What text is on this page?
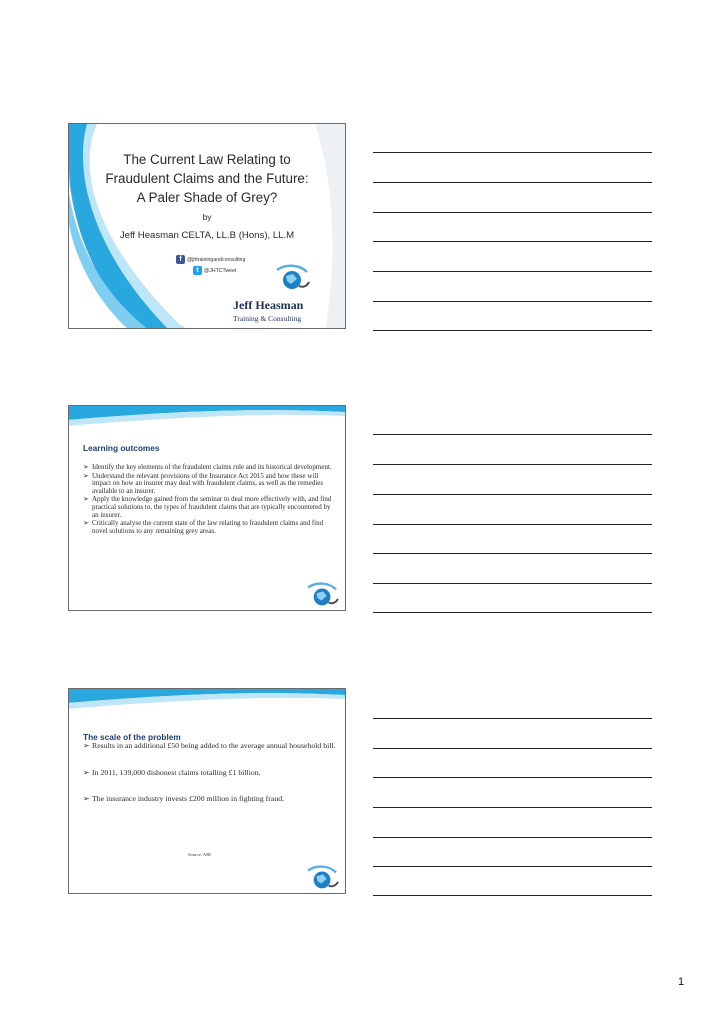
The Current Law Relating to
Fraudulent Claims and the Future:
A Paler Shade of Grey?
by
Jeff Heasman CELTA, LL.B (Hons), LL.M
f	@jhtrainingandconsulting
t	@JHTCTweet
Jeff Heasman
Training & Consulting
Learning outcomes
➢ Identify the key elements of the fraudulent claims rule and its historical development.
➢ Understand the relevant provisions of the Insurance Act 2015 and how these will impact on how an insurer may deal with fraudulent claims, as well as the remedies available to an insurer.
➢ Apply the knowledge gained from the seminar to deal more effectively with, and find practical solutions to, the types of fraudulent claims that are typically encountered by an insurer.
➢ Critically analyse the current state of the law relating to fraudulent claims and find novel solutions to any remaining grey areas.
The scale of the problem
➢ Results in an additional £50 being added to the average annual household bill.
➢ In 2011, 139,000 dishonest claims totalling £1 billion.
➢ The insurance industry invests £200 million in fighting fraud.
Source: ABI
1
